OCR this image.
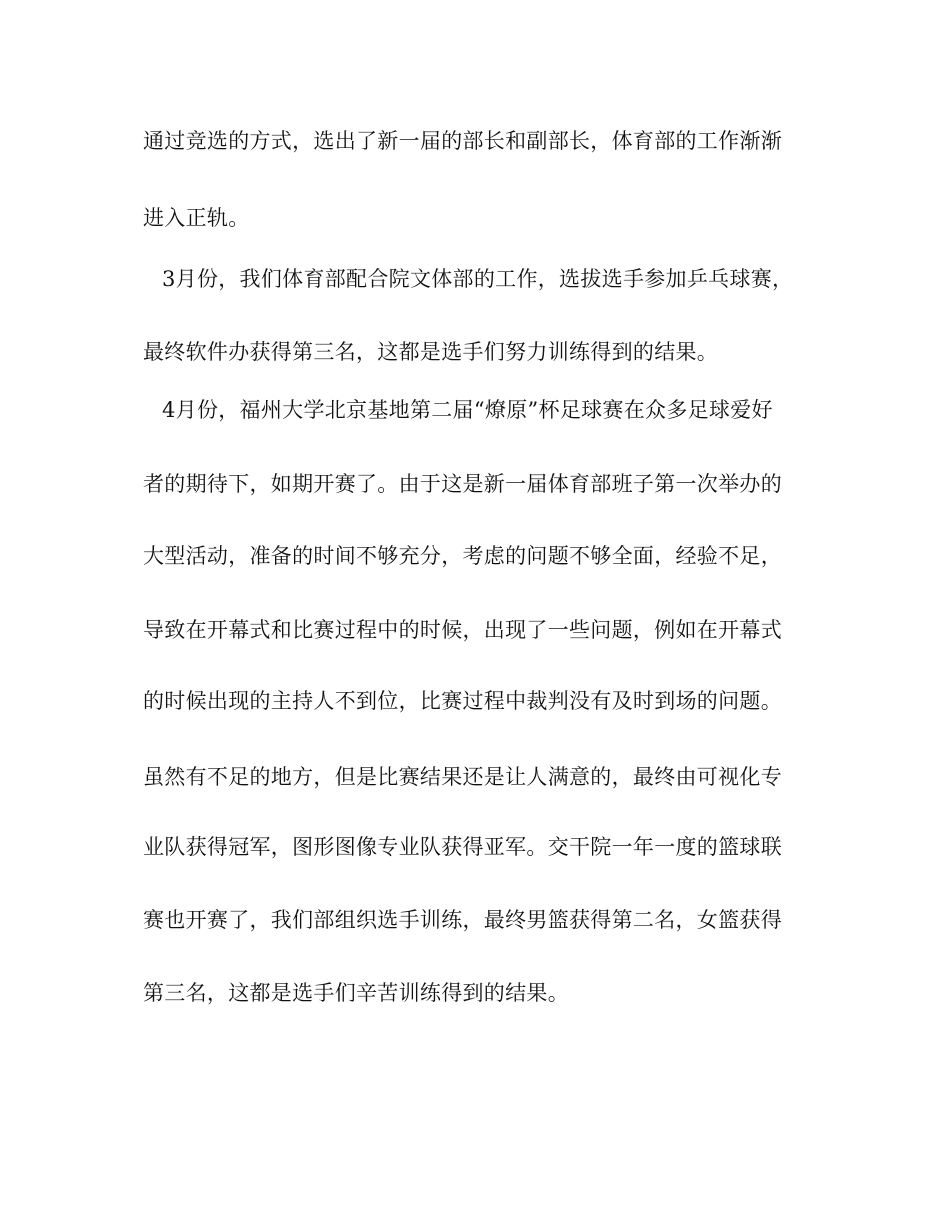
通过竞选的方式，选出了新一届的部长和副部长，体育部的工作渐渐
进入正轨。
3月份，我们体育部配合院文体部的工作，选拔选手参加乒乓球赛，
最终软件办获得第三名，这都是选手们努力训练得到的结果。
4月份，福州大学北京基地第二届“燎原”杯足球赛在众多足球爱好
者的期待下，如期开赛了。由于这是新一届体育部班子第一次举办的
大型活动，准备的时间不够充分，考虑的问题不够全面，经验不足，
导致在开幕式和比赛过程中的时候，出现了一些问题，例如在开幕式
的时候出现的主持人不到位，比赛过程中裁判没有及时到场的问题。
虽然有不足的地方，但是比赛结果还是让人满意的，最终由可视化专
业队获得冠军，图形图像专业队获得亚军。交干院一年一度的篮球联
赛也开赛了，我们部组织选手训练，最终男篮获得第二名，女篮获得
第三名，这都是选手们辛苦训练得到的结果。
